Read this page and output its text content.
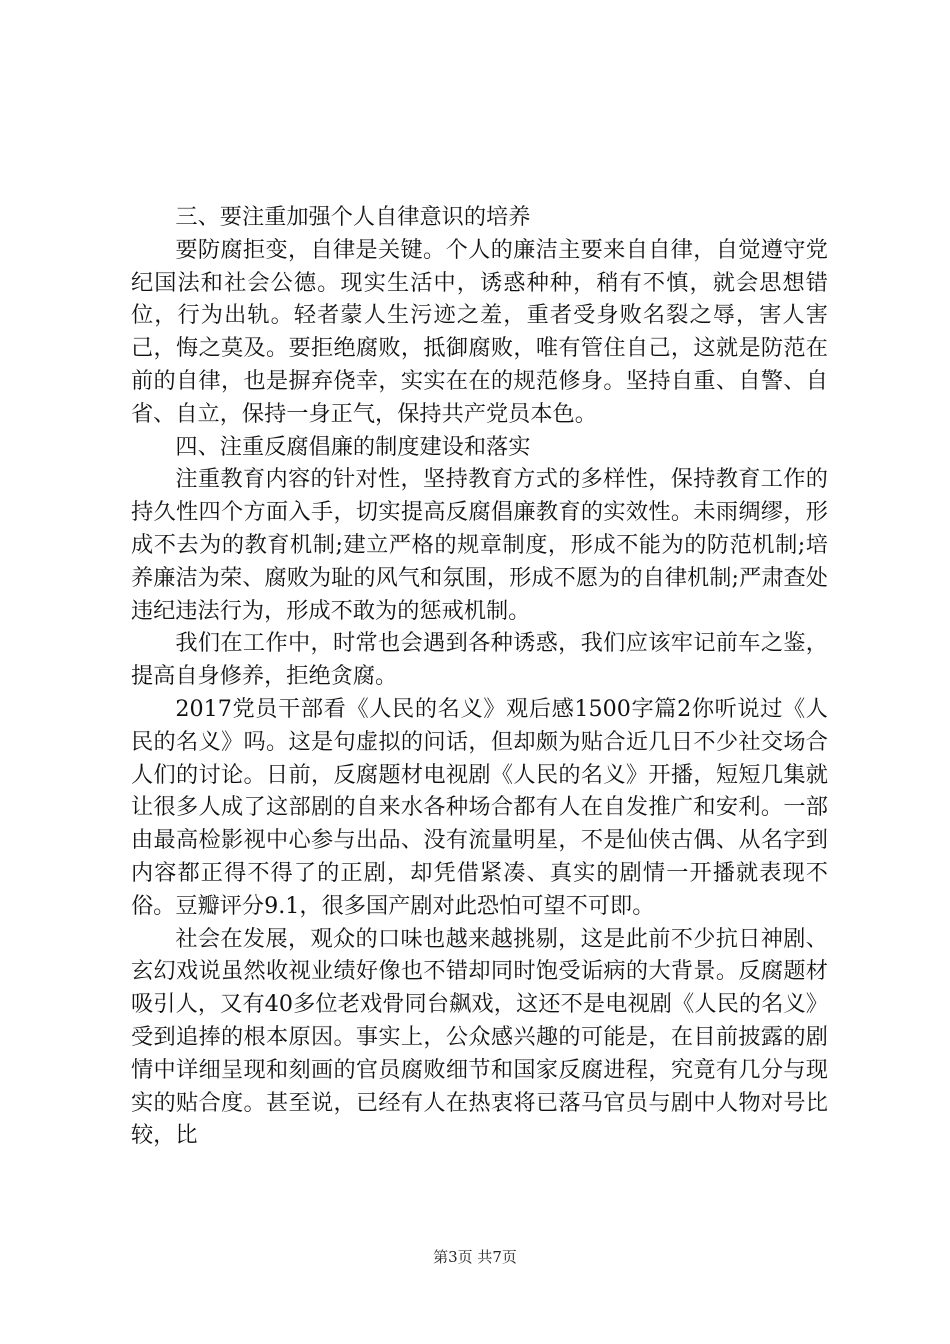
三、要注重加强个人自律意识的培养

要防腐拒变，自律是关键。个人的廉洁主要来自自律，自觉遵守党纪国法和社会公德。现实生活中，诱惑种种，稍有不慎，就会思想错位，行为出轨。轻者蒙人生污迹之羞，重者受身败名裂之辱，害人害己，悔之莫及。要拒绝腐败，抵御腐败，唯有管住自己，这就是防范在前的自律，也是摒弃侥幸，实实在在的规范修身。坚持自重、自警、自省、自立，保持一身正气，保持共产党员本色。

四、注重反腐倡廉的制度建设和落实

注重教育内容的针对性，坚持教育方式的多样性，保持教育工作的持久性四个方面入手，切实提高反腐倡廉教育的实效性。未雨绸缪，形成不去为的教育机制;建立严格的规章制度，形成不能为的防范机制;培养廉洁为荣、腐败为耻的风气和氛围，形成不愿为的自律机制;严肃查处违纪违法行为，形成不敢为的惩戒机制。

我们在工作中，时常也会遇到各种诱惑，我们应该牢记前车之鉴，提高自身修养，拒绝贪腐。

2017党员干部看《人民的名义》观后感1500字篇2你听说过《人民的名义》吗。这是句虚拟的问话，但却颇为贴合近几日不少社交场合人们的讨论。日前，反腐题材电视剧《人民的名义》开播，短短几集就让很多人成了这部剧的自来水各种场合都有人在自发推广和安利。一部由最高检影视中心参与出品、没有流量明星，不是仙侠古偶、从名字到内容都正得不得了的正剧，却凭借紧凑、真实的剧情一开播就表现不俗。豆瓣评分9.1，很多国产剧对此恐怕可望不可即。

社会在发展，观众的口味也越来越挑剔，这是此前不少抗日神剧、玄幻戏说虽然收视业绩好像也不错却同时饱受诟病的大背景。反腐题材吸引人，又有40多位老戏骨同台飙戏，这还不是电视剧《人民的名义》受到追捧的根本原因。事实上，公众感兴趣的可能是，在目前披露的剧情中详细呈现和刻画的官员腐败细节和国家反腐进程，究竟有几分与现实的贴合度。甚至说，已经有人在热衷将已落马官员与剧中人物对号比较，比

第3页 共7页
